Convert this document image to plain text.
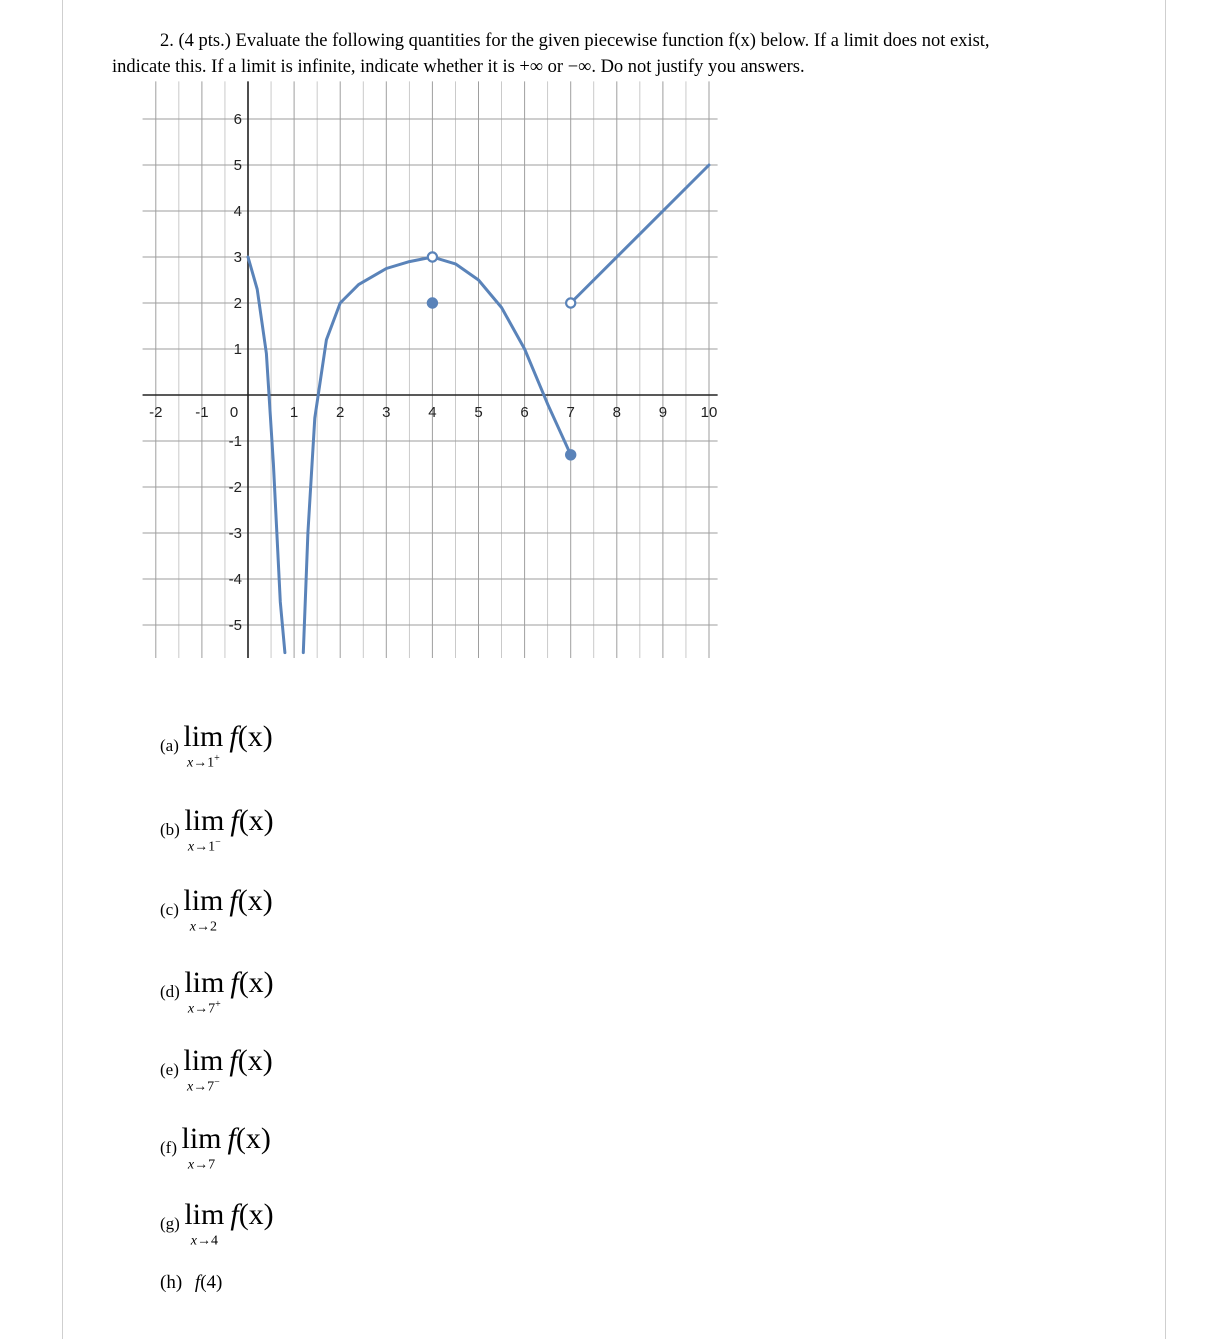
2. (4 pts.) Evaluate the following quantities for the given piecewise function f(x) below. If a limit does not exist,
indicate this. If a limit is infinite, indicate whether it is +∞ or −∞. Do not justify you answers.
-2 -1 0	1	2	3	4	5	6	7	8	9 10
-5
-4
-3
-2
-1
1
2
3
4
5
6
(a) lim
x→1+
f(x)
(b) lim
x→1−
f(x)
(c) lim
x→2
f(x)
(d) lim
x→7+
f(x)
(e) lim
x→7−
f(x)
(f) lim
x→7
f(x)
(g) lim
x→4
f(x)
(h) f(4)
